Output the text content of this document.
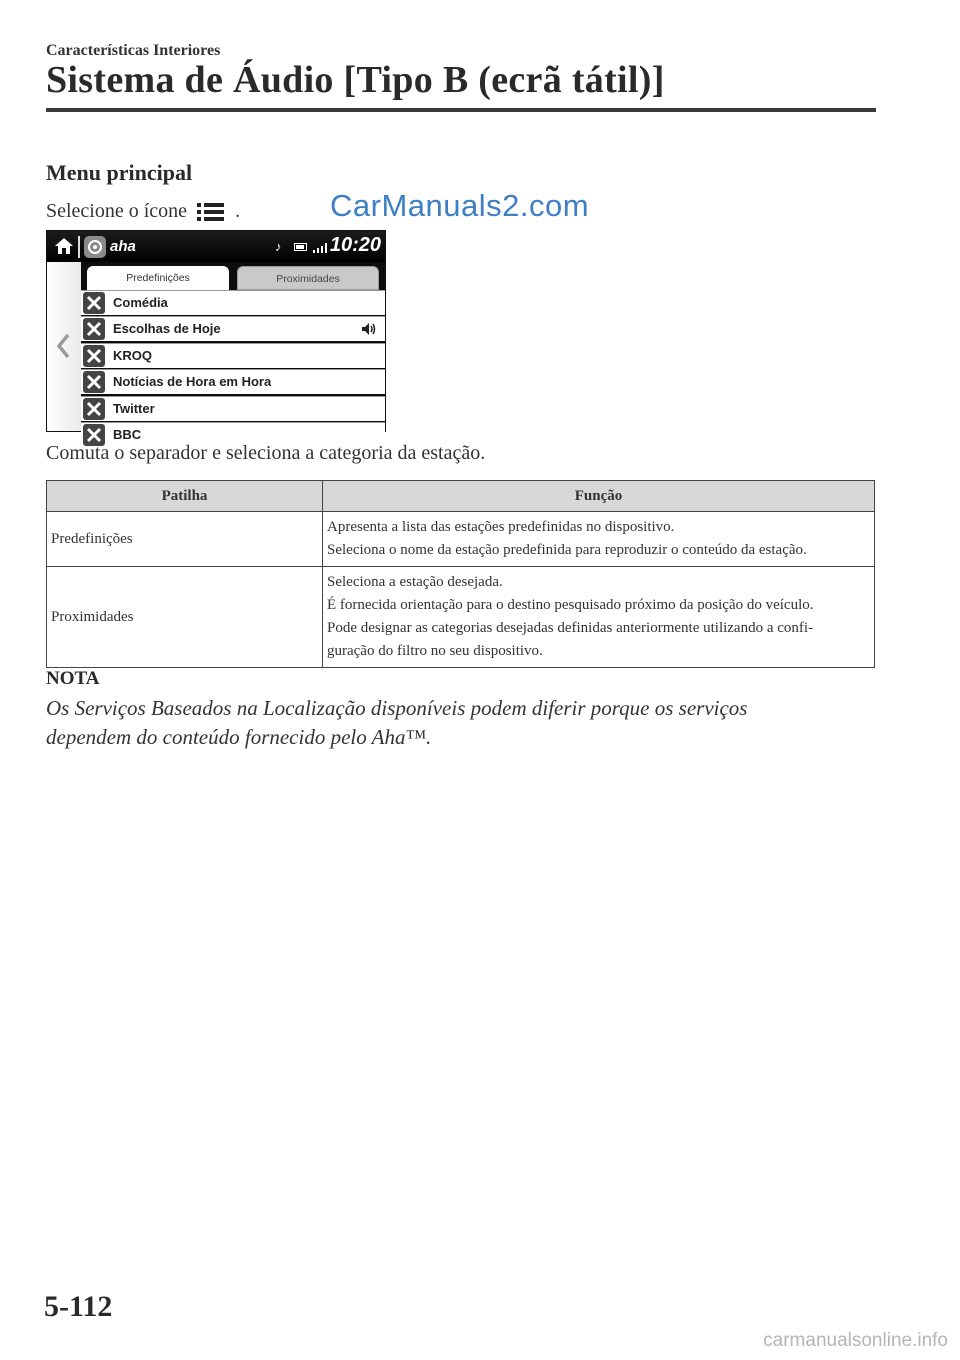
Características Interiores
Sistema de Áudio [Tipo B (ecrã tátil)]
Menu principal

Selecione o ícone .	CarManuals2.com
aha	♪ 10:20
Predefinições	Proximidades
Comédia
Escolhas de Hoje
KROQ
Notícias de Hora em Hora
Twitter
BBC

Comuta o separador e seleciona a categoria da estação.

Patilha	Função
Predefinições	Apresenta a lista das estações predefinidas no dispositivo.
Seleciona o nome da estação predefinida para reproduzir o conteúdo da estação.

Proximidades	Seleciona a estação desejada.
É fornecida orientação para o destino pesquisado próximo da posição do veículo.
Pode designar as categorias desejadas definidas anteriormente utilizando a confi-
guração do filtro no seu dispositivo.
NOTA

Os Serviços Baseados na Localização disponíveis podem diferir porque os serviços
dependem do conteúdo fornecido pelo Aha™.

5-112
carmanualsonline.info
